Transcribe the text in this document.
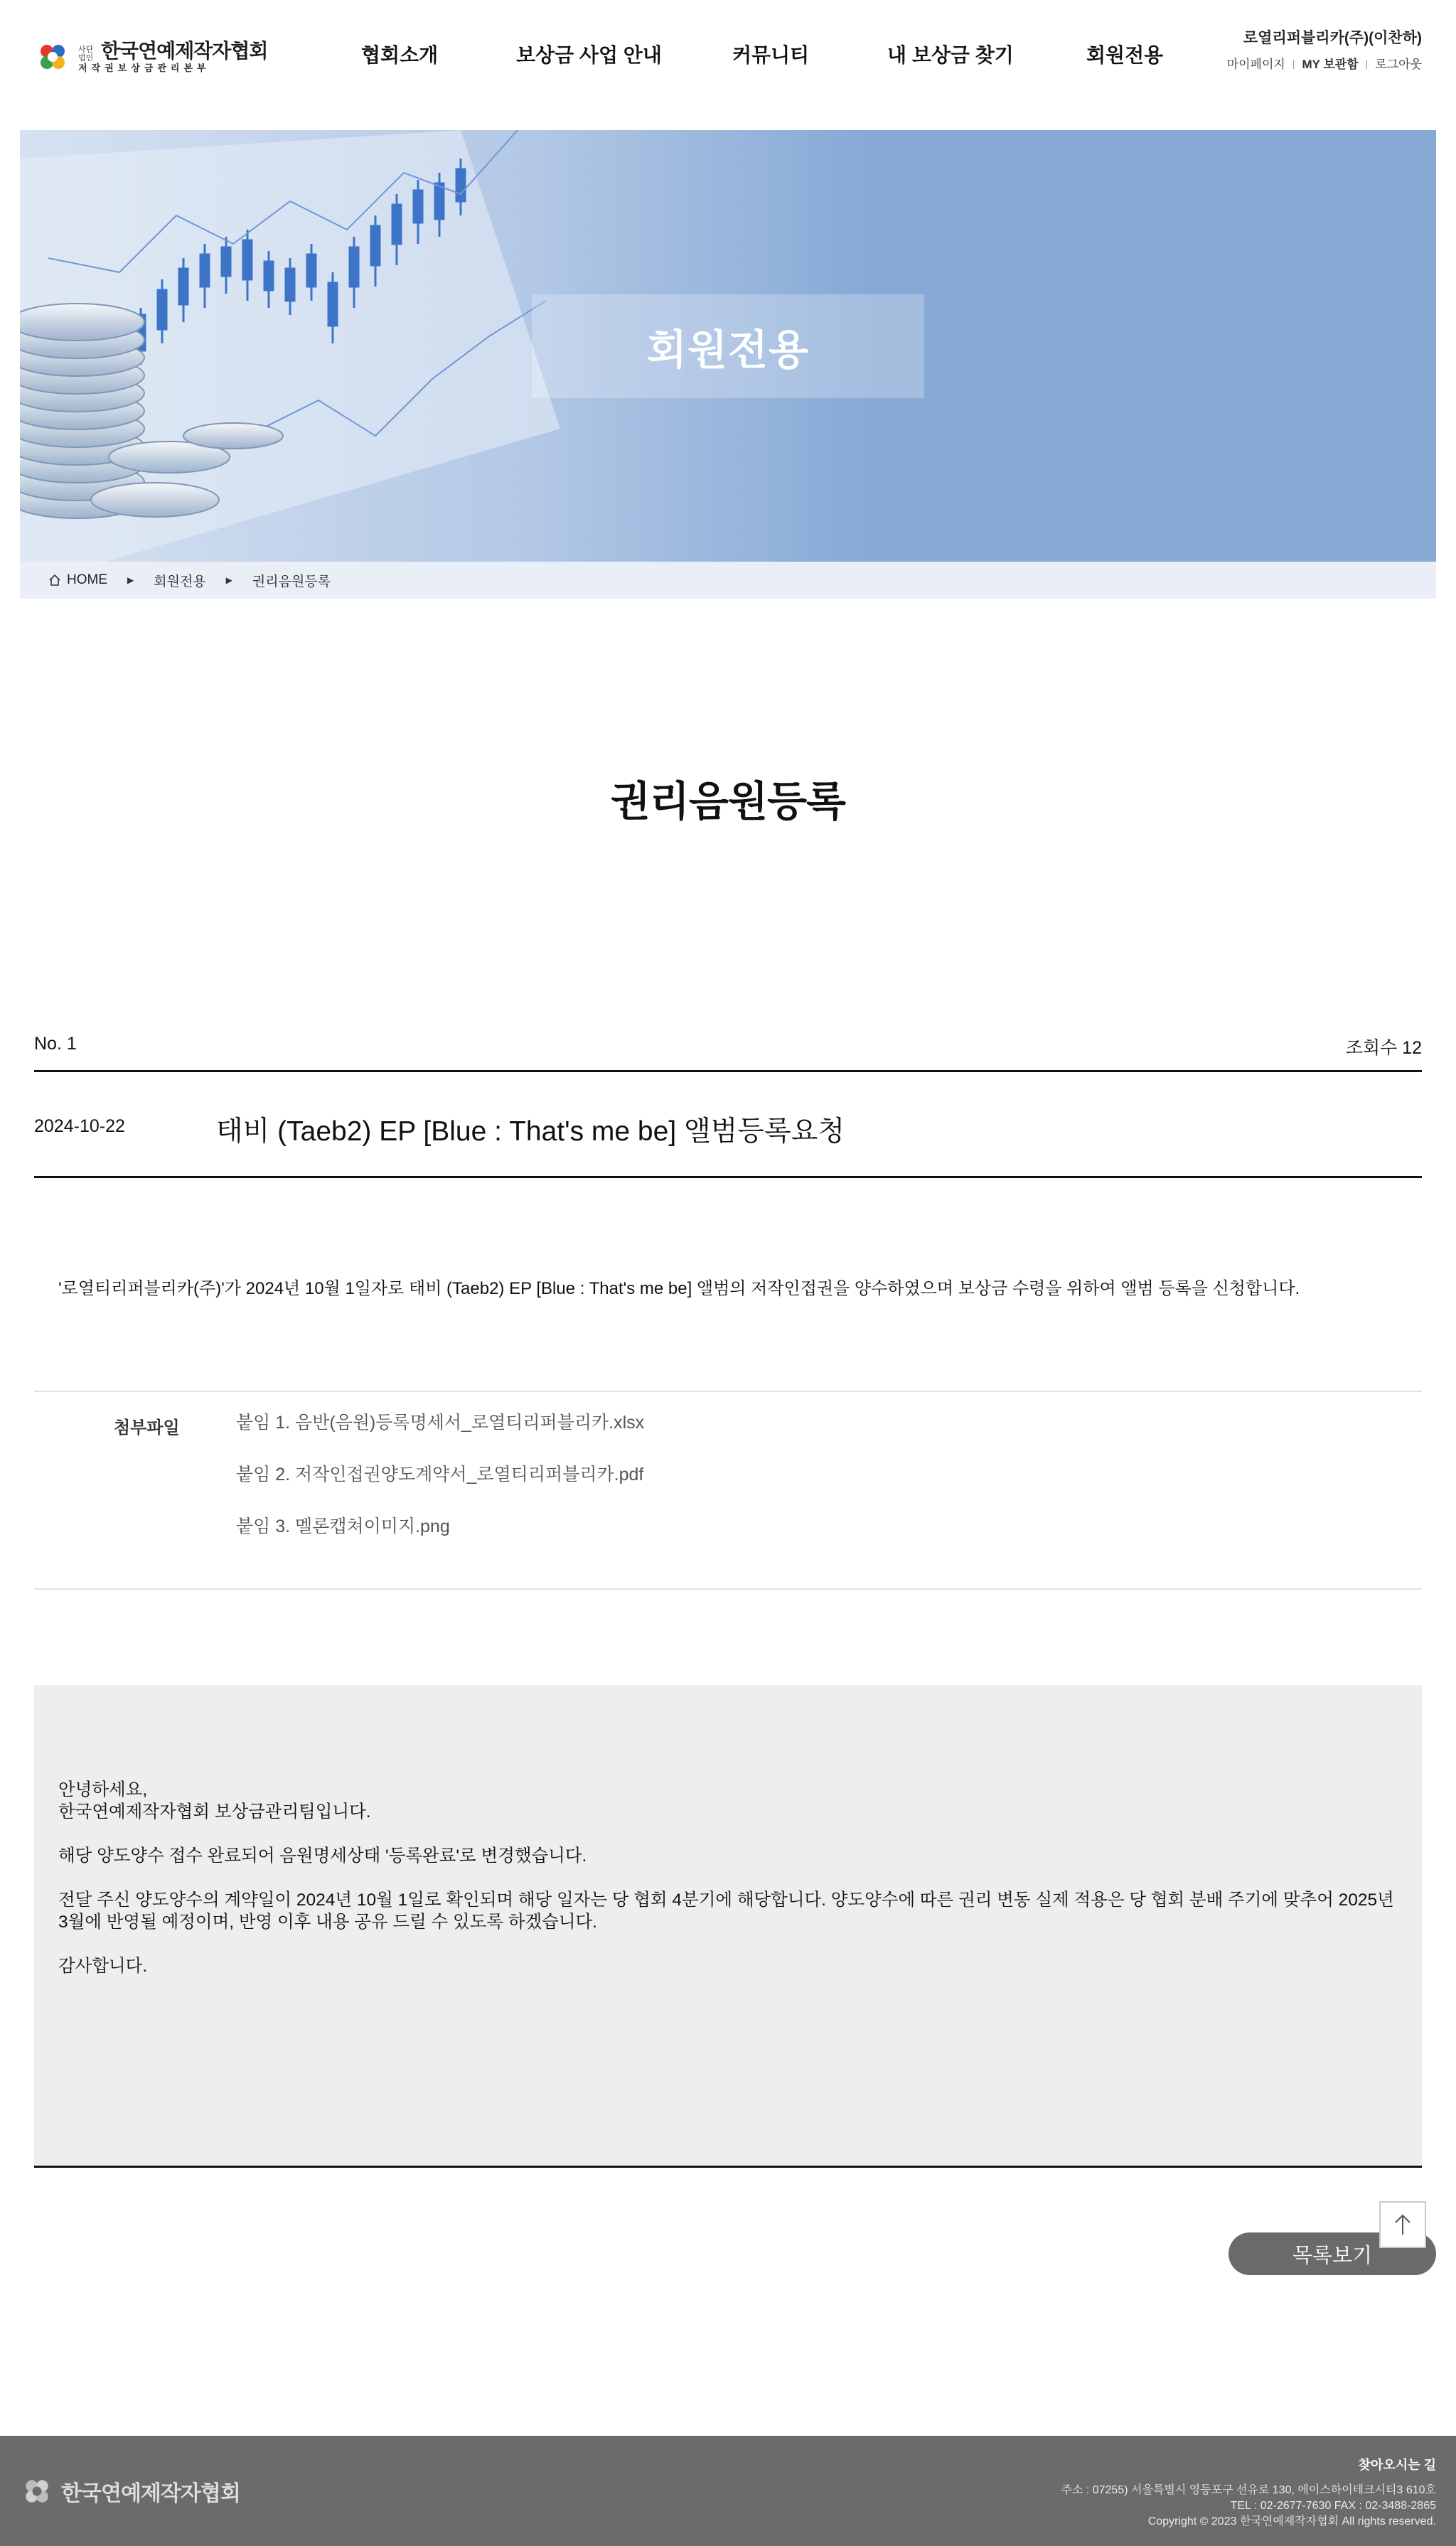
사단법인 한국연예제작자협회
저작권보상금관리본부
협회소개	보상금 사업 안내	커뮤니티	내 보상금 찾기	회원전용
로열리퍼블리카(주)(이찬하)
마이페이지 | MY 보관함 | 로그아웃
회원전용
HOME ▶ 회원전용 ▶ 권리음원등록
권리음원등록
No. 1	조회수 12
2024-10-22	태비 (Taeb2) EP [Blue : That's me be] 앨범등록요청

'로열티리퍼블리카(주)'가 2024년 10월 1일자로 태비 (Taeb2) EP [Blue : That's me be] 앨범의 저작인접권을 양수하였으며 보상금 수령을 위하여 앨범 등록을 신청합니다.

첨부파일	붙임 1. 음반(음원)등록명세서_로열티리퍼블리카.xlsx
붙임 2. 저작인접권양도계약서_로열티리퍼블리카.pdf
붙임 3. 멜론캡쳐이미지.png

안녕하세요,

한국연예제작자협회 보상금관리팀입니다.

해당 양도양수 접수 완료되어 음원명세상태 '등록완료'로 변경했습니다.

전달 주신 양도양수의 계약일이 2024년 10월 1일로 확인되며 해당 일자는 당 협회 4분기에 해당합니다. 양도양수에 따른 권리 변동 실제 적용은 당 협회 분배 주기에 맞추어 2025년 3월에 반영될 예정이며, 반영 이후 내용 공유 드릴 수 있도록 하겠습니다.

감사합니다.

목록보기
한국연예제작자협회
찾아오시는 길
주소 : 07255) 서울특별시 영등포구 선유로 130, 에이스하이테크시티3 610호
TEL : 02-2677-7630 FAX : 02-3488-2865
Copyright © 2023 한국연예제작자협회 All rights reserved.
